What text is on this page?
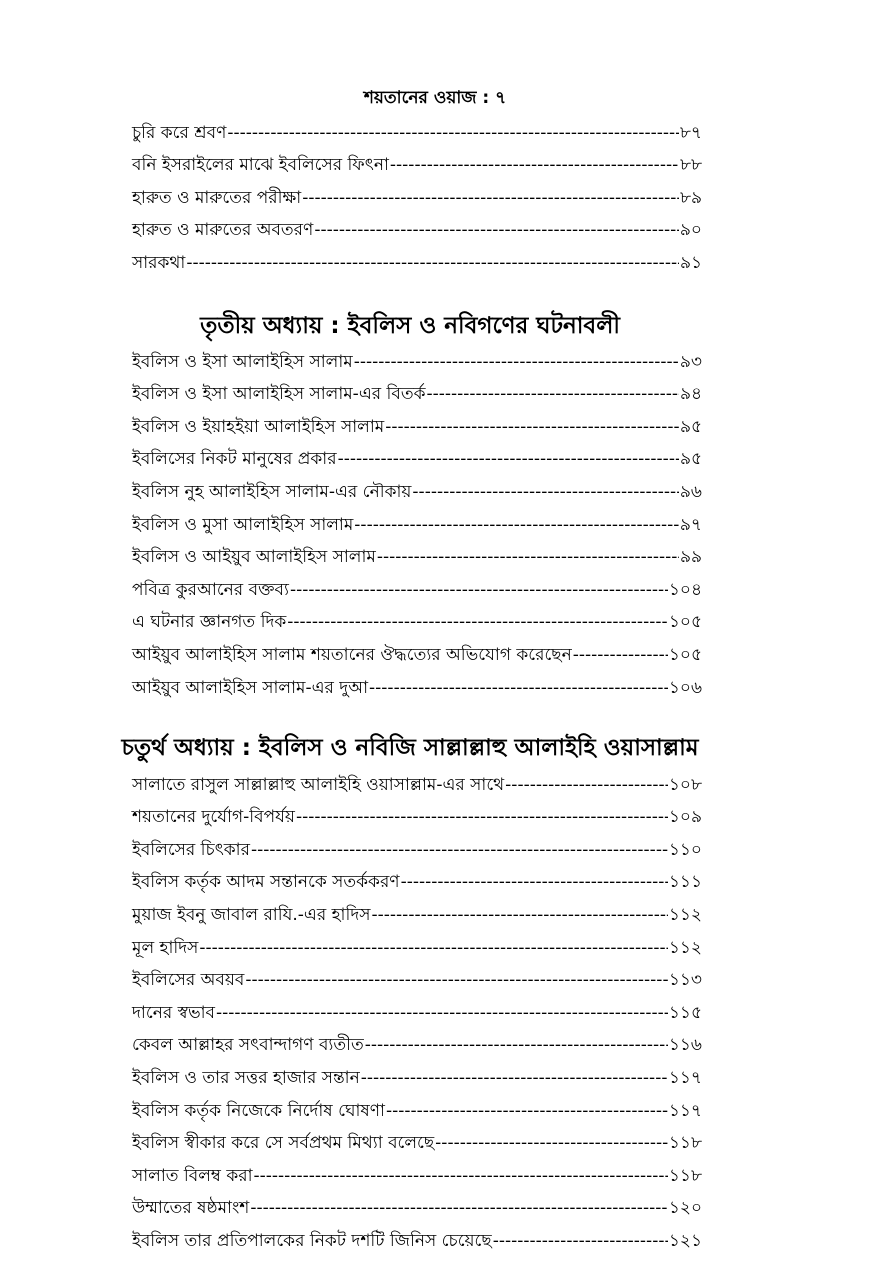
শয়তানের ওয়াজ : ৭
চুরি করে শ্রবণ -----	৮৭
বনি ইসরাইলের মাঝে ইবলিসের ফিৎনা -----	৮৮
হারুত ও মারুতের পরীক্ষা -----	৮৯
হারুত ও মারুতের অবতরণ -----	৯০
সারকথা -----	৯১
তৃতীয় অধ্যায় : ইবলিস ও নবিগণের ঘটনাবলী
ইবলিস ও ইসা আলাইহিস সালাম -----	৯৩
ইবলিস ও ইসা আলাইহিস সালাম-এর বিতর্ক -----	৯৪
ইবলিস ও ইয়াহইয়া আলাইহিস সালাম -----	৯৫
ইবলিসের নিকট মানুষের প্রকার -----	৯৫
ইবলিস নুহ আলাইহিস সালাম-এর নৌকায় -----	৯৬
ইবলিস ও মুসা আলাইহিস সালাম -----	৯৭
ইবলিস ও আইয়ুব আলাইহিস সালাম -----	৯৯
পবিত্র কুরআনের বক্তব্য -----	১০৪
এ ঘটনার জ্ঞানগত দিক -----	১০৫
আইয়ুব আলাইহিস সালাম শয়তানের ঔদ্ধত্যের অভিযোগ করেছেন -----	১০৫
আইয়ুব আলাইহিস সালাম-এর দুআ -----	১০৬
চতুর্থ অধ্যায় : ইবলিস ও নবিজি সাল্লাল্লাহু আলাইহি ওয়াসাল্লাম
সালাতে রাসুল সাল্লাল্লাহু আলাইহি ওয়াসাল্লাম-এর সাথে -----	১০৮
শয়তানের দুর্যোগ-বিপর্যয় -----	১০৯
ইবলিসের চিৎকার -----	১১০
ইবলিস কর্তৃক আদম সন্তানকে সতর্ককরণ -----	১১১
মুয়াজ ইবনু জাবাল রাযি.-এর হাদিস -----	১১২
মূল হাদিস -----	১১২
ইবলিসের অবয়ব -----	১১৩
দানের স্বভাব -----	১১৫
কেবল আল্লাহর সৎবান্দাগণ ব্যতীত -----	১১৬
ইবলিস ও তার সত্তর হাজার সন্তান -----	১১৭
ইবলিস কর্তৃক নিজেকে নির্দোষ ঘোষণা -----	১১৭
ইবলিস স্বীকার করে সে সর্বপ্রথম মিথ্যা বলেছে -----	১১৮
সালাত বিলম্ব করা -----	১১৮
উম্মাতের ষষ্ঠমাংশ -----	১২০
ইবলিস তার প্রতিপালকের নিকট দশটি জিনিস চেয়েছে -----	১২১
